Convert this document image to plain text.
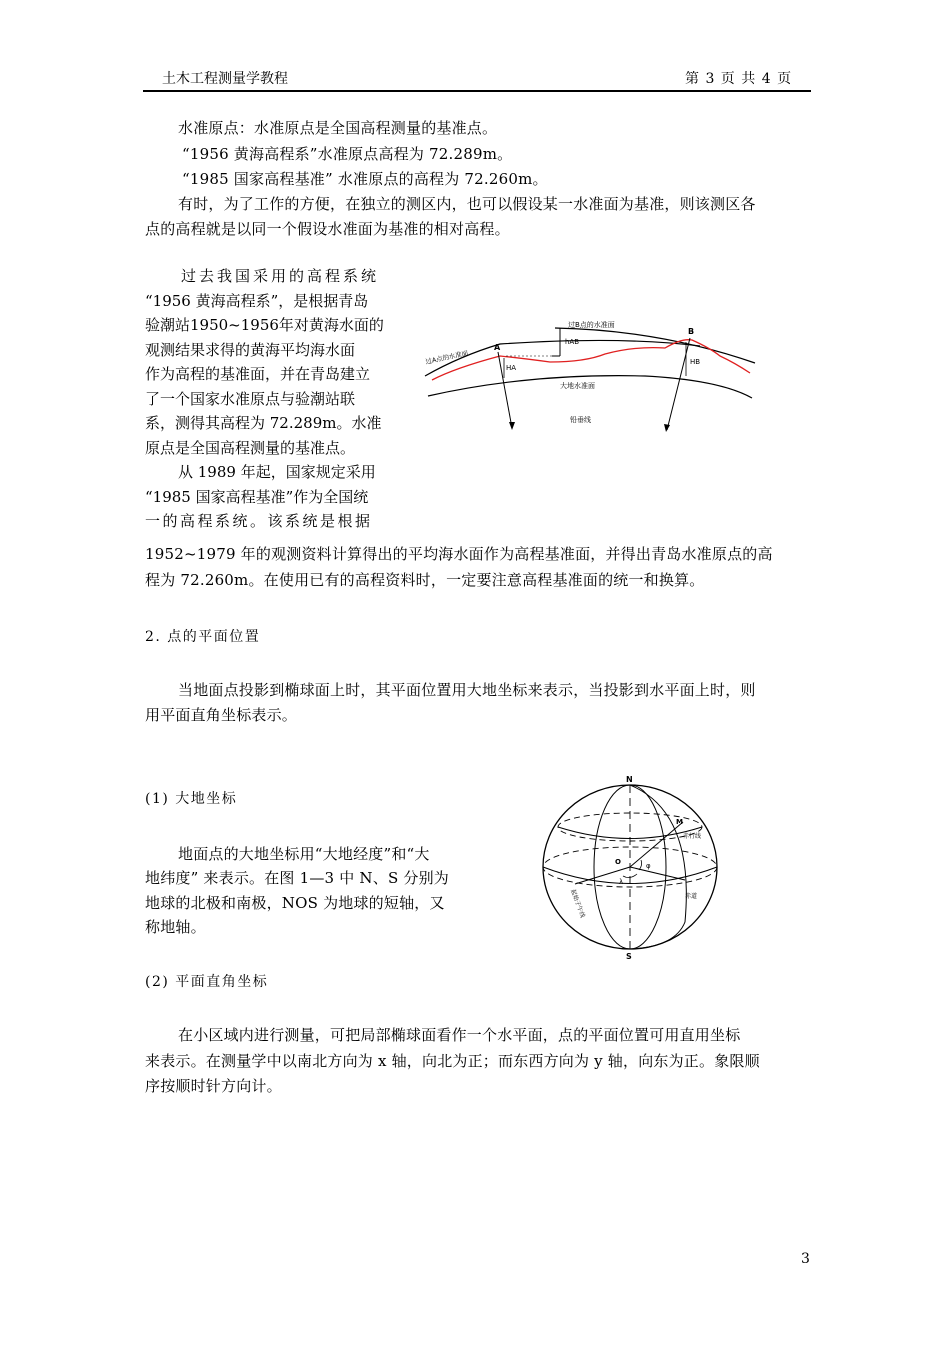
土木工程测量学教程	第 3 页 共 4 页
水准原点：水准原点是全国高程测量的基准点。
“1956 黄海高程系”水准原点高程为 72.289m。
“1985 国家高程基准” 水准原点的高程为 72.260m。
有时，为了工作的方便，在独立的测区内，也可以假设某一水准面为基准，则该测区各
点的高程就是以同一个假设水准面为基准的相对高程。
过去我国采用的高程系统
“1956 黄海高程系”，是根据青岛
验潮站1950~1956年对黄海水面的
观测结果求得的黄海平均海水面
作为高程的基准面，并在青岛建立
了一个国家水准原点与验潮站联
系，测得其高程为 72.289m。水准
原点是全国高程测量的基准点。
从 1989 年起，国家规定采用
“1985 国家高程基准”作为全国统
一的高程系统。该系统是根据
过B点的水准面
过A点的水准面
大地水准面
铅垂线
A
B
hAB
HA
HB
1952~1979 年的观测资料计算得出的平均海水面作为高程基准面，并得出青岛水准原点的高
程为 72.260m。在使用已有的高程资料时，一定要注意高程基准面的统一和换算。
2. 点的平面位置
当地面点投影到椭球面上时，其平面位置用大地坐标来表示，当投影到水平面上时，则
用平面直角坐标表示。
(1) 大地坐标
地面点的大地坐标用“大地经度”和“大
地纬度” 来表示。在图 1—3 中 N、S 分别为
地球的北极和南极，NOS 为地球的短轴，又
称地轴。
N
S
M
O
λ
φ
赤行线
赤道
起始子午线
(2) 平面直角坐标
在小区域内进行测量，可把局部椭球面看作一个水平面，点的平面位置可用直用坐标
来表示。在测量学中以南北方向为 x 轴，向北为正；而东西方向为 y 轴，向东为正。象限顺
序按顺时针方向计。
3
